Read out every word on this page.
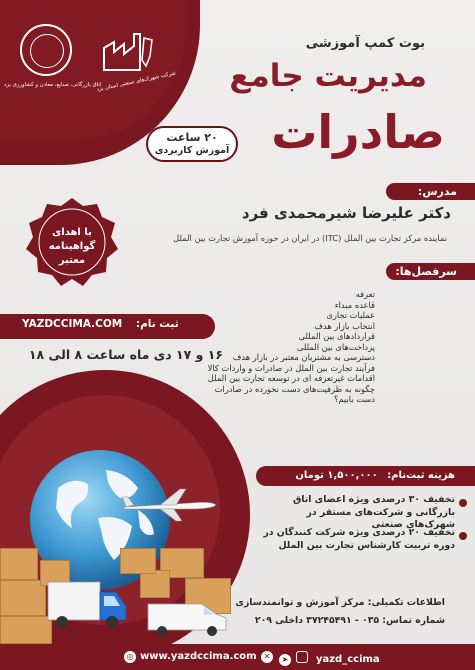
اتاق بازرگانی، صنایع، معادن و کشاورزی یزد
شرکت شهرک‌های صنعتی استان یزد
بوت کمپ آموزشی
مدیریت جامع
صادرات
۲۰ ساعت
آموزش کاربردی
با اهدای
گواهینامه
معتبر
مدرس:
دکتر علیرضا شیرمحمدی فرد
نماینده مرکز تجارت بین الملل (ITC) در ایران در حوزه آموزش تجارت بین الملل
سرفصل‌ها:
تعرفه
قاعده مبداء
عملیات تجاری
انتخاب بازار هدف
قراردادهای بین المللی
پرداخت‌های بین المللی
دسترسی به مشتریان معتبر در بازار هدف
فرآیند تجارت بین الملل در صادرات و واردات کالا
اقدامات غیرتعرفه ای در توسعه تجارت بین الملل
چگونه به ظرفیت‌های دست نخورده در صادرات
دست یابیم؟
YAZDCCIMA.COM ثبت نام:
۱۶ و ۱۷ دی ماه ساعت ۸ الی ۱۸
هزینه ثبت‌نام: ۱,۵۰۰,۰۰۰ تومان
تخفیف ۳۰ درصدی ویژه اعضای اتاق بازرگانی و شرکت‌های مستقر در شهرک‌های صنعتی
تخفیف ۲۰ درصدی ویژه شرکت کنندگان در دوره تربیت کارشناس تجارت بین الملل
اطلاعات تکمیلی: مرکز آموزش و توانمندسازی
شماره تماس: ۰۳۵ - ۳۷۲۴۵۴۹۱ داخلی ۲۰۹
◎ www.yazdccima.com ✕	➤	yazd_ccima
